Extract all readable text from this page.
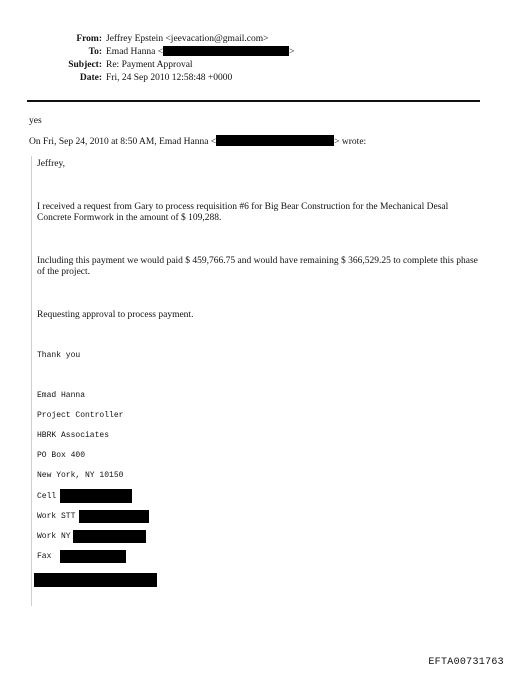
From: Jeffrey Epstein <jeevacation@gmail.com>
To: Emad Hanna <	>
Subject: Re: Payment Approval
Date: Fri, 24 Sep 2010 12:58:48 +0000
yes
On Fri, Sep 24, 2010 at 8:50 AM, Emad Hanna <	> wrote:
Jeffrey,
I received a request from Gary to process requisition #6 for Big Bear Construction for the Mechanical Desal Concrete Formwork in the amount of $ 109,288.
Including this payment we would paid $ 459,766.75 and would have remaining $ 366,529.25 to complete this phase of the project.
Requesting approval to process payment.
Thank you
Emad Hanna
Project Controller
HBRK Associates
PO Box 400
New York, NY 10150
Cell
Work STT
Work NY
Fax
EFTA00731763
